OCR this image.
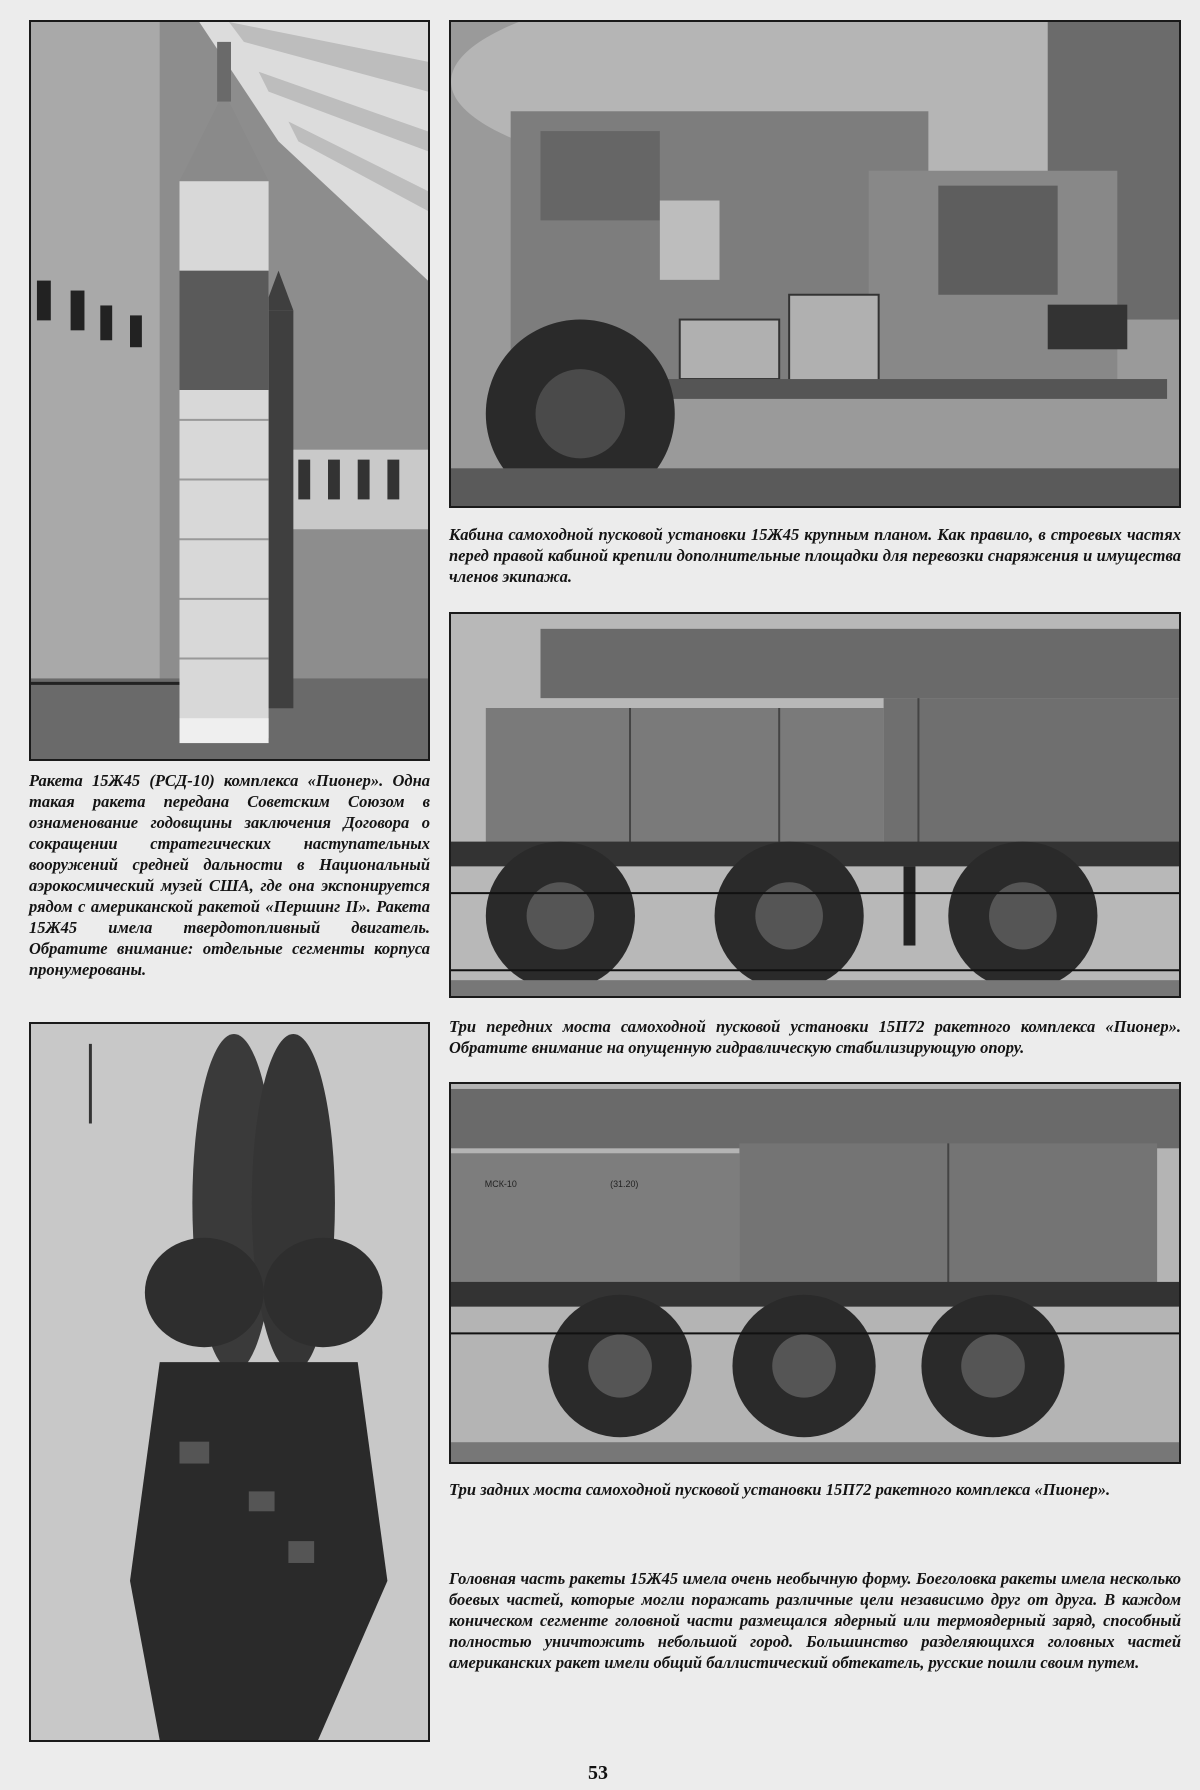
Кабина самоходной пусковой установки 15Ж45 крупным планом. Как правило, в строевых частях перед правой кабиной крепили дополнительные площадки для перевозки снаряжения и имущества членов экипажа.

Три передних моста самоходной пусковой установки 15П72 ракетного комплекса «Пионер». Обратите внимание на опущенную гидравлическую стабилизирующую опору.

МСК-10	(31.20)

Три задних моста самоходной пусковой установки 15П72 ракетного комплекса «Пионер».

Ракета 15Ж45 (РСД-10) комплекса «Пионер». Одна такая ракета передана Советским Союзом в ознаменование годовщины заключения Договора о сокращении стратегических наступательных вооружений средней дальности в Национальный аэрокосмический музей США, где она экспонируется рядом с американской ракетой «Першинг II». Ракета 15Ж45 имела твердотопливный двигатель. Обратите внимание: отдельные сегменты корпуса пронумерованы.

Головная часть ракеты 15Ж45 имела очень необычную форму. Боеголовка ракеты имела несколько боевых частей, которые могли поражать различные цели независимо друг от друга. В каждом коническом сегменте головной части размещался ядерный или термоядерный заряд, способный полностью уничтожить небольшой город. Большинство разделяющихся головных частей американских ракет имели общий баллистический обтекатель, русские пошли своим путем.

53
